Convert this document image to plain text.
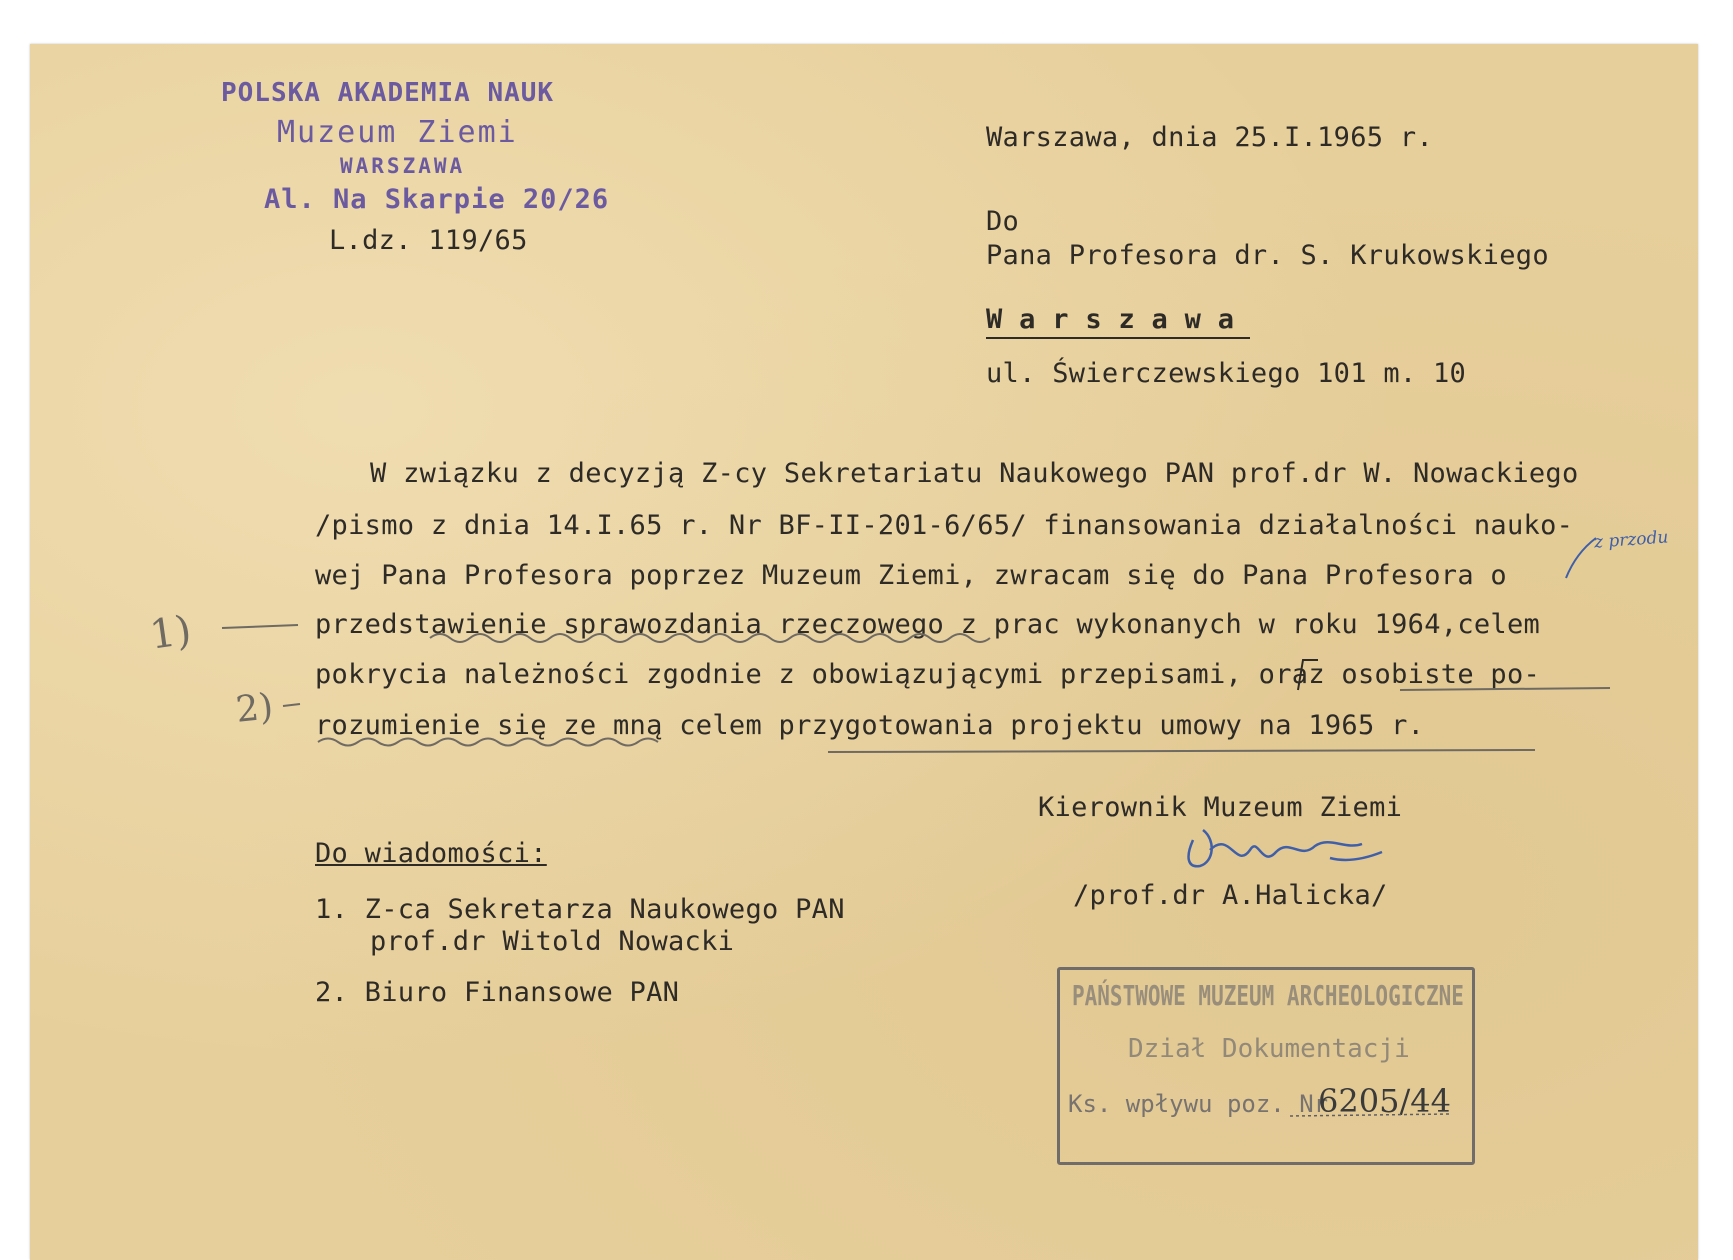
POLSKA AKADEMIA NAUK
Muzeum Ziemi
WARSZAWA
Al. Na Skarpie 20/26
L.dz. 119/65
Warszawa, dnia 25.I.1965 r.
Do
Pana Profesora dr. S. Krukowskiego
W a r s z a w a
ul. Świerczewskiego 101 m. 10
W związku z decyzją Z-cy Sekretariatu Naukowego PAN prof.dr W. Nowackiego
/pismo z dnia 14.I.65 r. Nr BF-II-201-6/65/ finansowania działalności nauko-
wej Pana Profesora poprzez Muzeum Ziemi, zwracam się do Pana Profesora o
przedstawienie sprawozdania rzeczowego z prac wykonanych w roku 1964,celem
pokrycia należności zgodnie z obowiązującymi przepisami, oraz osobiste po-
rozumienie się ze mną celem przygotowania projektu umowy na 1965 r.
Kierownik Muzeum Ziemi
/prof.dr A.Halicka/
Do wiadomości:
1. Z-ca Sekretarza Naukowego PAN
prof.dr Witold Nowacki
2. Biuro Finansowe PAN
z przodu
1)
2)
PAŃSTWOWE MUZEUM ARCHEOLOGICZNE
Dział Dokumentacji
Ks. wpływu poz. Nr
6205/44
